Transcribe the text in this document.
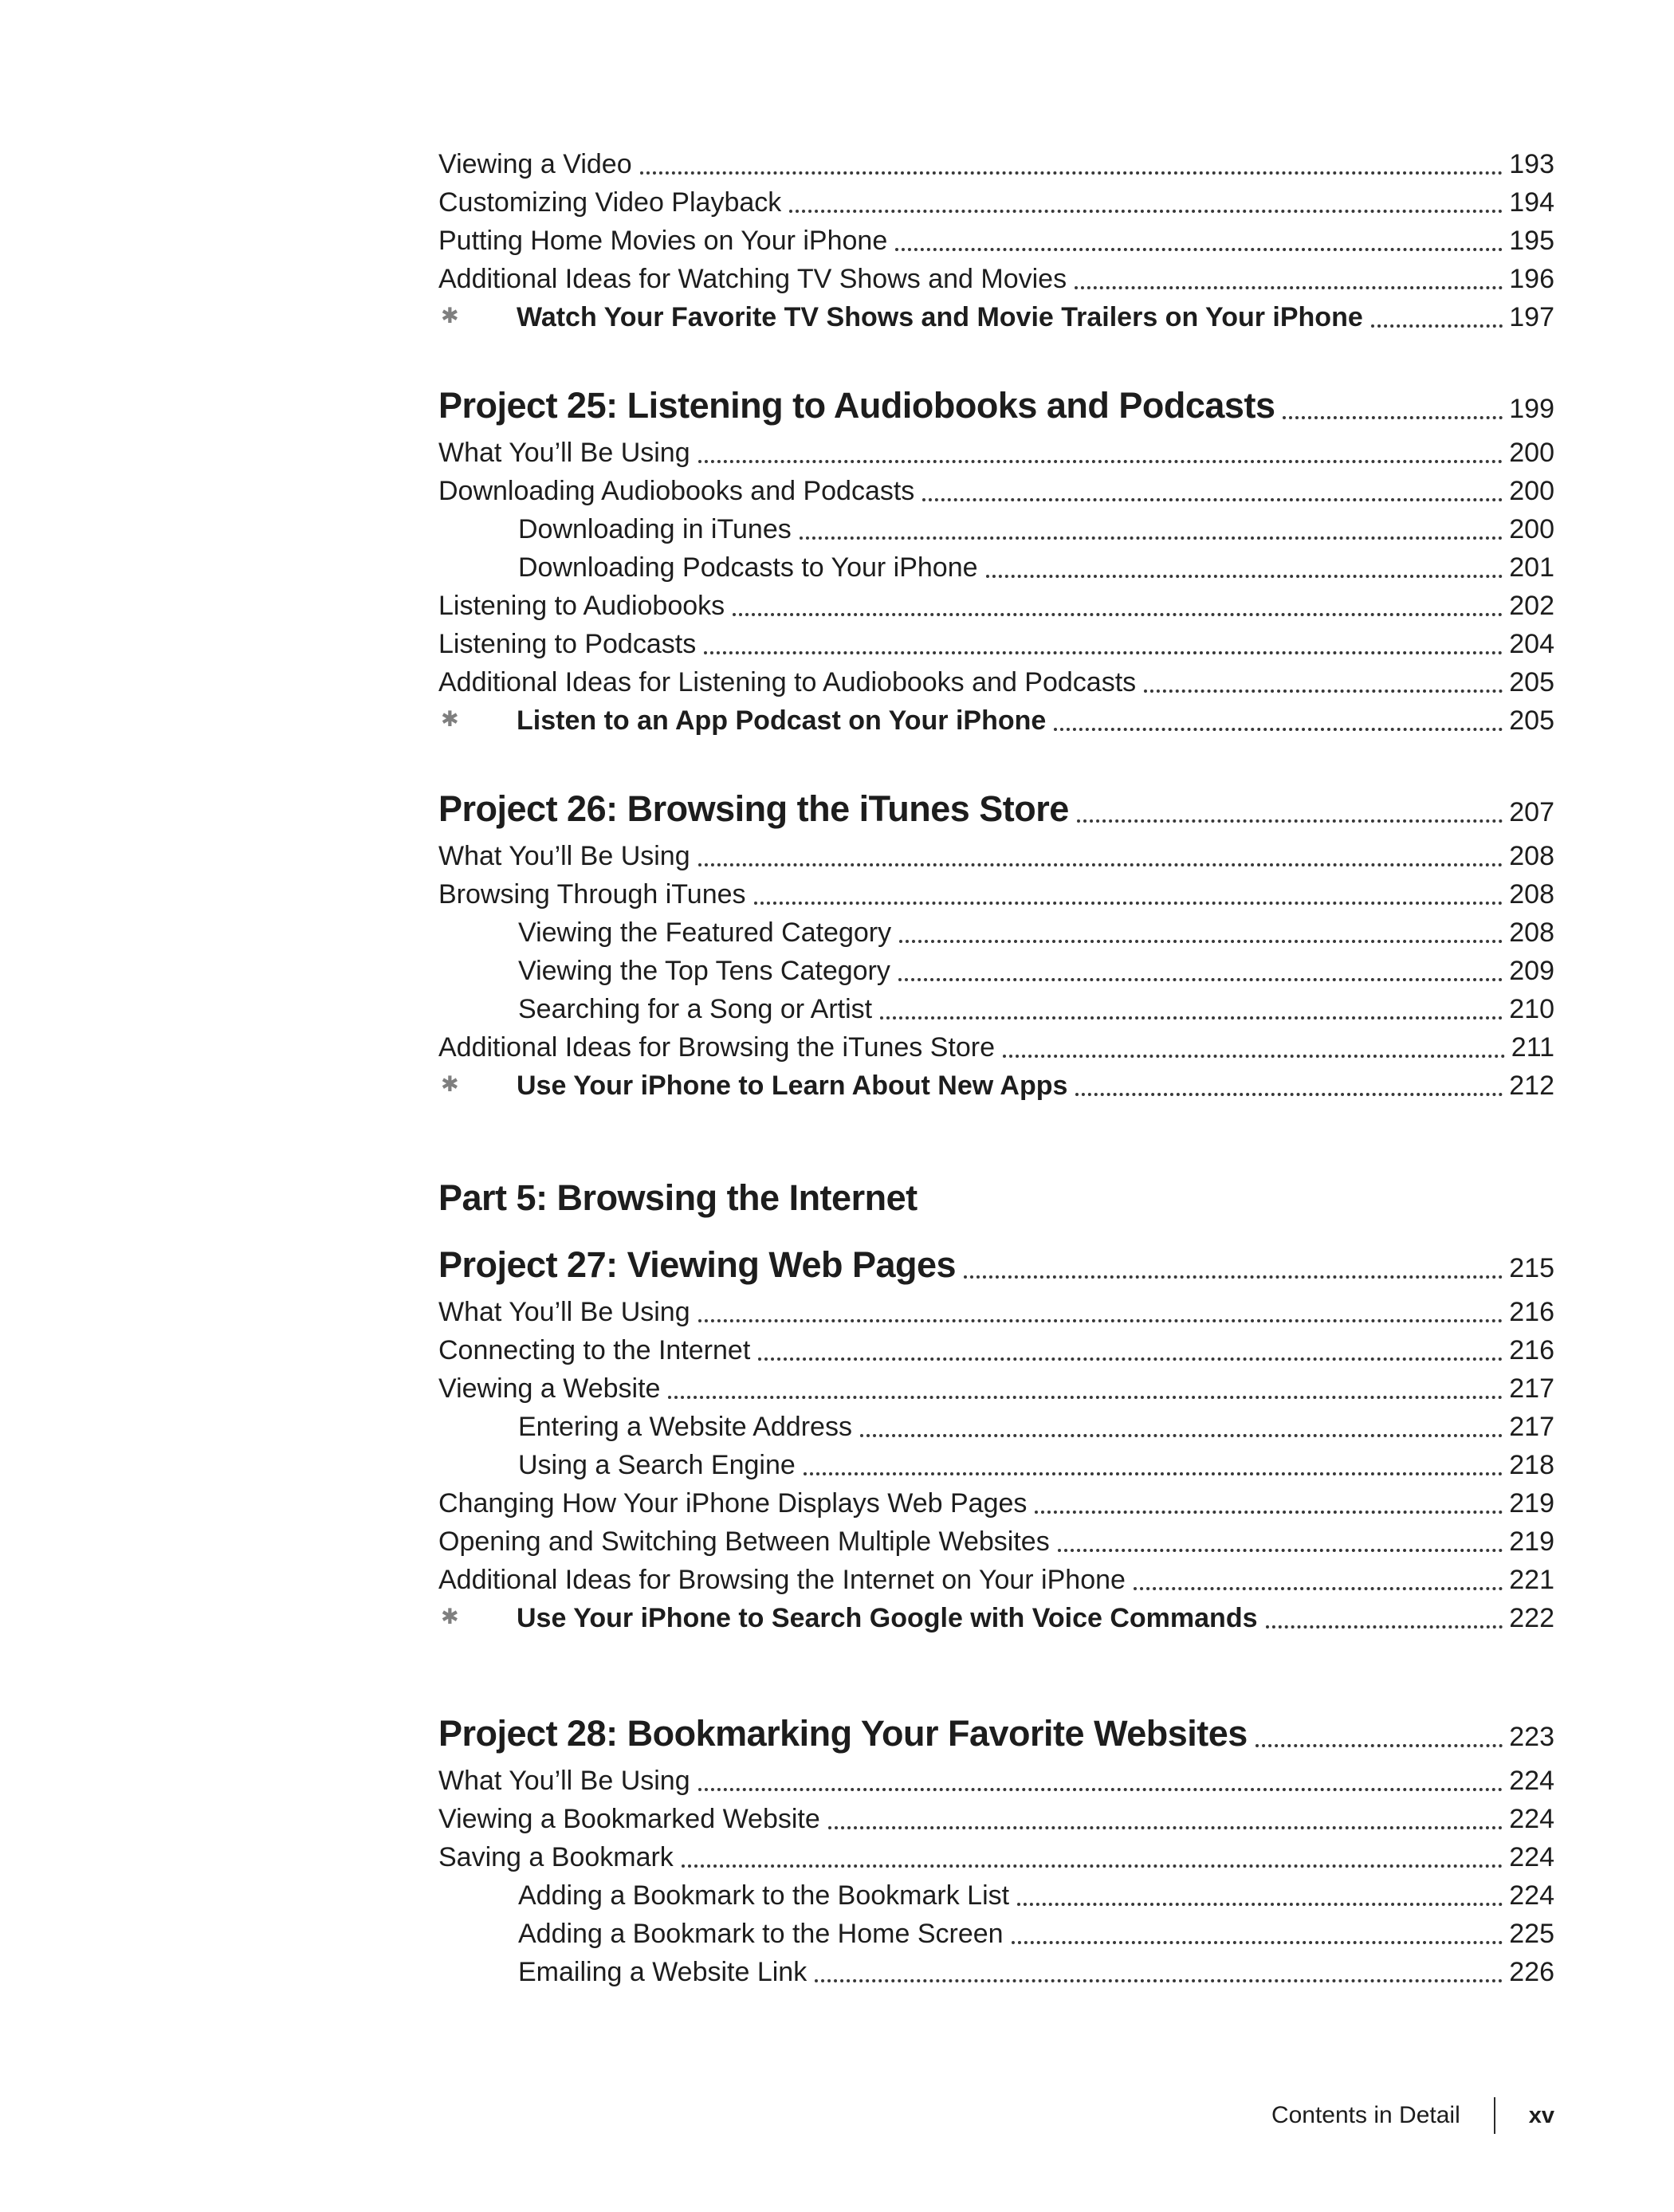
Viewing a Video	193
Customizing Video Playback	194
Putting Home Movies on Your iPhone	195
Additional Ideas for Watching TV Shows and Movies	196
✱ Watch Your Favorite TV Shows and Movie Trailers on Your iPhone	197
Project 25: Listening to Audiobooks and Podcasts	199
What You’ll Be Using	200
Downloading Audiobooks and Podcasts	200
Downloading in iTunes	200
Downloading Podcasts to Your iPhone	201
Listening to Audiobooks	202
Listening to Podcasts	204
Additional Ideas for Listening to Audiobooks and Podcasts	205
✱ Listen to an App Podcast on Your iPhone	205
Project 26: Browsing the iTunes Store	207
What You’ll Be Using	208
Browsing Through iTunes	208
Viewing the Featured Category	208
Viewing the Top Tens Category	209
Searching for a Song or Artist	210
Additional Ideas for Browsing the iTunes Store	211
✱ Use Your iPhone to Learn About New Apps	212
Part 5: Browsing the Internet
Project 27: Viewing Web Pages	215
What You’ll Be Using	216
Connecting to the Internet	216
Viewing a Website	217
Entering a Website Address	217
Using a Search Engine	218
Changing How Your iPhone Displays Web Pages	219
Opening and Switching Between Multiple Websites	219
Additional Ideas for Browsing the Internet on Your iPhone	221
✱ Use Your iPhone to Search Google with Voice Commands	222
Project 28: Bookmarking Your Favorite Websites	223
What You’ll Be Using	224
Viewing a Bookmarked Website	224
Saving a Bookmark	224
Adding a Bookmark to the Bookmark List	224
Adding a Bookmark to the Home Screen	225
Emailing a Website Link	226
Contents in Detail	xv
